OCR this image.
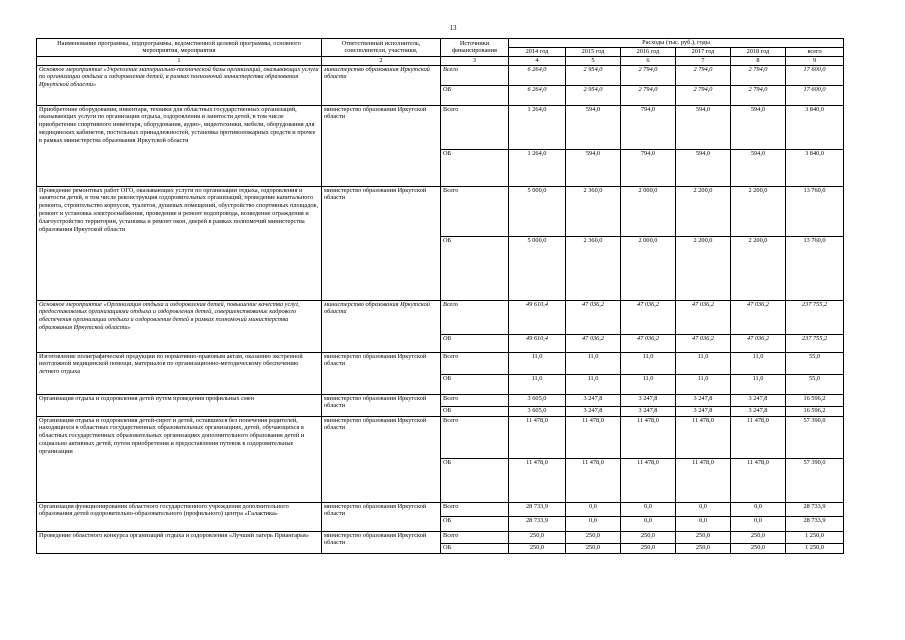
13
Наименование программы, подпрограммы, ведомственной целевой программы, основного мероприятия, мероприятия	Ответственный исполнитель, соисполнители, участники,	Источники финансирования	Расходы (тыс. руб.), годы					
			2014 год	2015 год	2016 год	2017 год	2018 год	всего
1	2	3	4	5	6	7	8	9
Основное мероприятие «Укрепление материально-технической базы организаций, оказывающих услуги по организации отдыха и оздоровления детей, в рамках полномочий министерства образования Иркутской области»	министерство образования Иркутской области	Всего	6 264,0	2 954,0	2 794,0	2 794,0	2 794,0	17 600,0
		ОБ	6 264,0	2 954,0	2 794,0	2 794,0	2 794,0	17 600,0
Приобретение оборудования, инвентаря, техники для областных государственных организаций, оказывающих услуги по организации отдыха, оздоровления и занятости детей, в том числе приобретение спортивного инвентаря, оборудования, аудио-, видеотехники, мебели, оборудования для медицинских кабинетов, постельных принадлежностей, установка противопожарных средств и прочее в рамках министерства образования Иркутской области	министерство образования Иркутской области	Всего	1 264,0	594,0	794,0	594,0	594,0	3 840,0
		ОБ	1 264,0	594,0	794,0	594,0	594,0	3 840,0
Проведение ремонтных работ ОГО, оказывающих услуги по организации отдыха, оздоровления и занятости детей, в том числе реконструкция оздоровительных организаций, проведение капитального ремонта, строительство корпусов, туалетов, душевых помещений, обустройство спортивных площадок, ремонт и установка электроснабжения, проведение и ремонт водопровода, возведение ограждения и благоустройство территории, установка и ремонт окон, дверей в рамках полномочий министерства образования Иркутской области	министерство образования Иркутской области	Всего	5 000,0	2 360,0	2 000,0	2 200,0	2 200,0	13 760,0
		ОБ	5 000,0	2 360,0	2 000,0	2 200,0	2 200,0	13 760,0
Основное мероприятие «Организация отдыха и оздоровления детей, повышение качества услуг, предоставляемых организациями отдыха и оздоровления детей, совершенствование кадрового обеспечения организации отдыха и оздоровления детей в рамках полномочий министерства образования Иркутской области»	министерство образования Иркутской области	Всего	49 610,4	47 036,2	47 036,2	47 036,2	47 036,2	237 755,2
		ОБ	49 610,4	47 036,2	47 036,2	47 036,2	47 036,2	237 755,2
Изготовление полиграфической продукции по нормативно-правовым актам, оказанию экстренной неотложной медицинской помощи, материалов по организационно-методическому обеспечению летнего отдыха	министерство образования Иркутской области	Всего	11,0	11,0	11,0	11,0	11,0	55,0
		ОБ	11,0	11,0	11,0	11,0	11,0	55,0
Организация отдыха и оздоровления детей путем проведения профильных смен	министерство образования Иркутской области	Всего	3 605,0	3 247,8	3 247,8	3 247,8	3 247,8	16 596,2
		ОБ	3 605,0	3 247,8	3 247,8	3 247,8	3 247,8	16 596,2
Организация отдыха и оздоровления детей-сирот и детей, оставшихся без попечения родителей, находящихся в областных государственных образовательных организациях, детей, обучающихся в областных государственных образовательных организациях дополнительного образования детей и социально активных детей, путем приобретения и предоставления путевок в оздоровительные организации	министерство образования Иркутской области	Всего	11 478,0	11 478,0	11 478,0	11 478,0	11 478,0	57 390,0
		ОБ	11 478,0	11 478,0	11 478,0	11 478,0	11 478,0	57 390,0
Организация функционирования областного государственного учреждения дополнительного образования детей оздоровительно-образовательного (профильного) центра «Галактика»	министерство образования Иркутской области	Всего	28 733,9	0,0	0,0	0,0	0,0	28 733,9
		ОБ	28 733,9	0,0	0,0	0,0	0,0	28 733,9
Проведение областного конкурса организаций отдыха и оздоровления «Лучший лагерь Приангарья»	министерство образования Иркутской области	Всего	250,0	250,0	250,0	250,0	250,0	1 250,0
		ОБ	250,0	250,0	250,0	250,0	250,0	1 250,0
